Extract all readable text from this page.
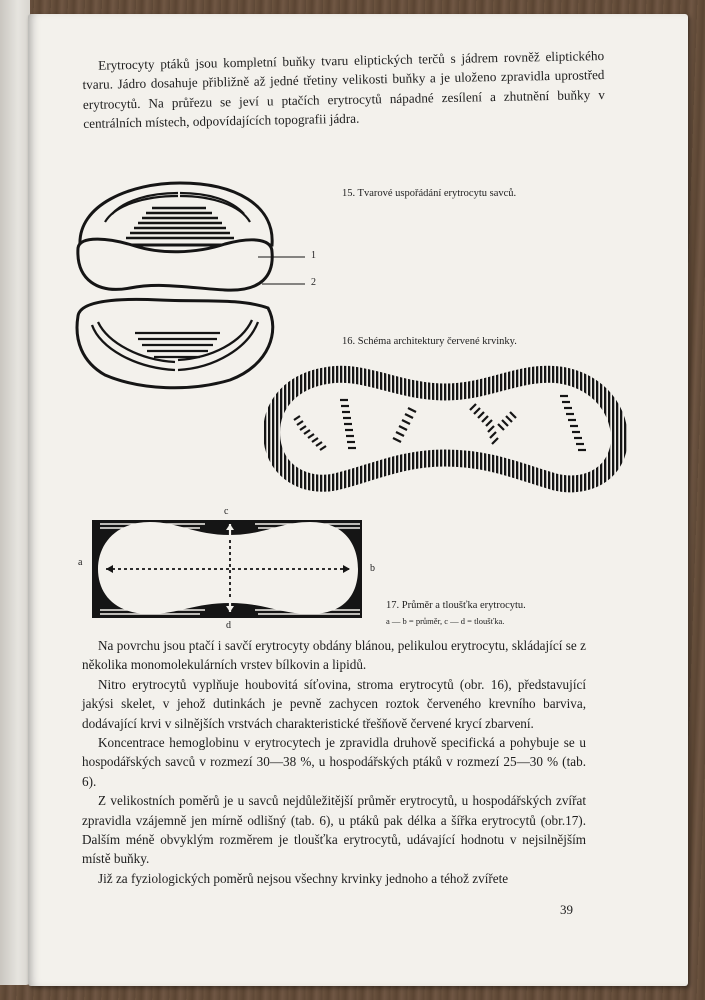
Erytrocyty ptáků jsou kompletní buňky tvaru eliptických terčů s jádrem rovněž eliptického tvaru. Jádro dosahuje přibližně až jedné třetiny velikosti buňky a je uloženo zpravidla uprostřed erytrocytů. Na průřezu se jeví u ptačích erytrocytů nápadné zesílení a zhutnění buňky v centrálních místech, odpovídajících topografii jádra.

15. Tvarové uspořádání erytrocytu savců.
1
2
16. Schéma architektury červené krvinky.
c
d
a
b
17. Průměr a tloušťka erytrocytu.
a — b = průměr, c — d = tloušťka.

Na povrchu jsou ptačí i savčí erytrocyty obdány blánou, pelikulou erytrocytu, skládající se z několika monomolekulárních vrstev bílkovin a lipidů.

Nitro erytrocytů vyplňuje houbovitá síťovina, stroma erytrocytů (obr. 16), představující jakýsi skelet, v jehož dutinkách je pevně zachycen roztok červeného krevního barviva, dodávající krvi v silnějších vrstvách charakteristické třešňově červené krycí zbarvení.

Koncentrace hemoglobinu v erytrocytech je zpravidla druhově specifická a pohybuje se u hospodářských savců v rozmezí 30—38 %, u hospodářských ptáků v rozmezí 25—30 % (tab. 6).

Z velikostních poměrů je u savců nejdůležitější průměr erytrocytů, u hospodářských zvířat zpravidla vzájemně jen mírně odlišný (tab. 6), u ptáků pak délka a šířka erytrocytů (obr.17). Dalším méně obvyklým rozměrem je tloušťka erytrocytů, udávající hodnotu v nejsilnějším místě buňky.

Již za fyziologických poměrů nejsou všechny krvinky jednoho a téhož zvířete

39
